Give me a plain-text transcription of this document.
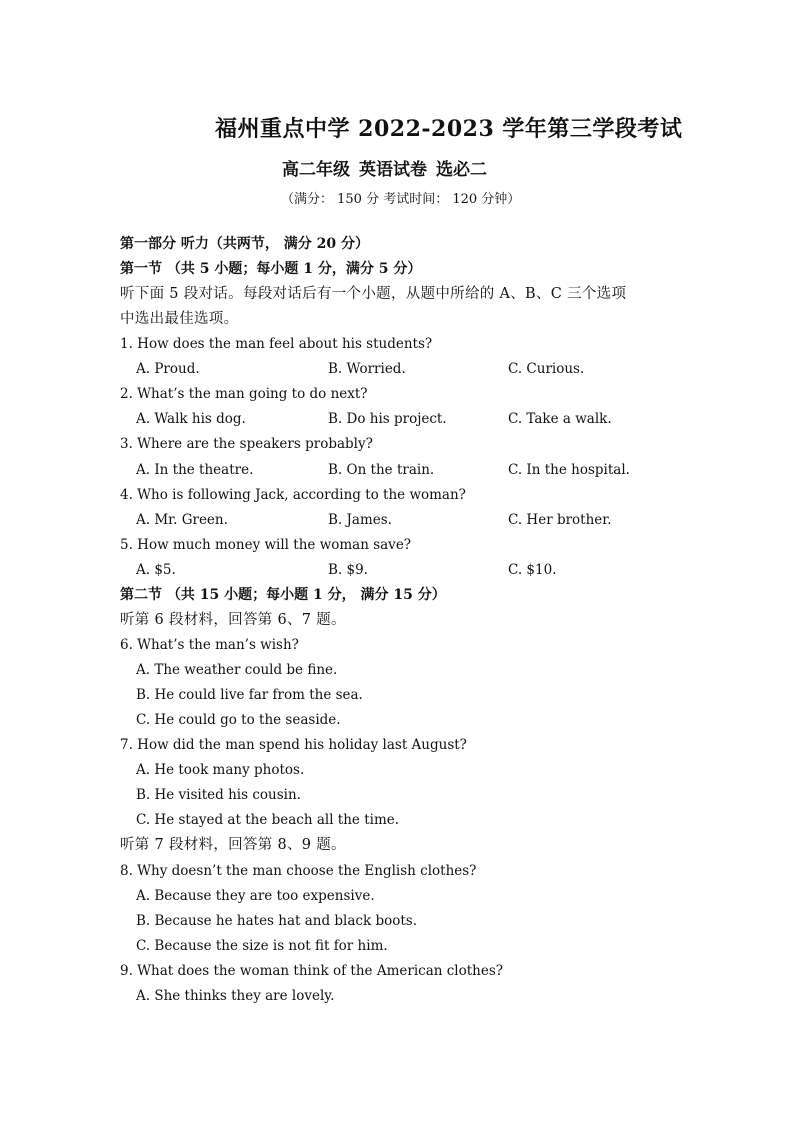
福州重点中学 2022-2023 学年第三学段考试
高二年级 英语试卷 选必二
（满分： 150 分 考试时间： 120 分钟）
第一部分 听力（共两节， 满分 20 分）
第一节 （共 5 小题；每小题 1 分，满分 5 分）
听下面 5 段对话。每段对话后有一个小题，从题中所给的 A、B、C 三个选项
中选出最佳选项。
1. How does the man feel about his students?
A. Proud.	B. Worried.	C. Curious.
2. What’s the man going to do next?
A. Walk his dog.	B. Do his project.	C. Take a walk.
3. Where are the speakers probably?
A. In the theatre.	B. On the train.	C. In the hospital.
4. Who is following Jack, according to the woman?
A. Mr. Green.	B. James.	C. Her brother.
5. How much money will the woman save?
A. $5.	B. $9.	C. $10.
第二节 （共 15 小题；每小题 1 分， 满分 15 分）
听第 6 段材料，回答第 6、7 题。
6. What’s the man’s wish?
A. The weather could be fine.
B. He could live far from the sea.
C. He could go to the seaside.
7. How did the man spend his holiday last August?
A. He took many photos.
B. He visited his cousin.
C. He stayed at the beach all the time.
听第 7 段材料，回答第 8、9 题。
8. Why doesn’t the man choose the English clothes?
A. Because they are too expensive.
B. Because he hates hat and black boots.
C. Because the size is not fit for him.
9. What does the woman think of the American clothes?
A. She thinks they are lovely.
